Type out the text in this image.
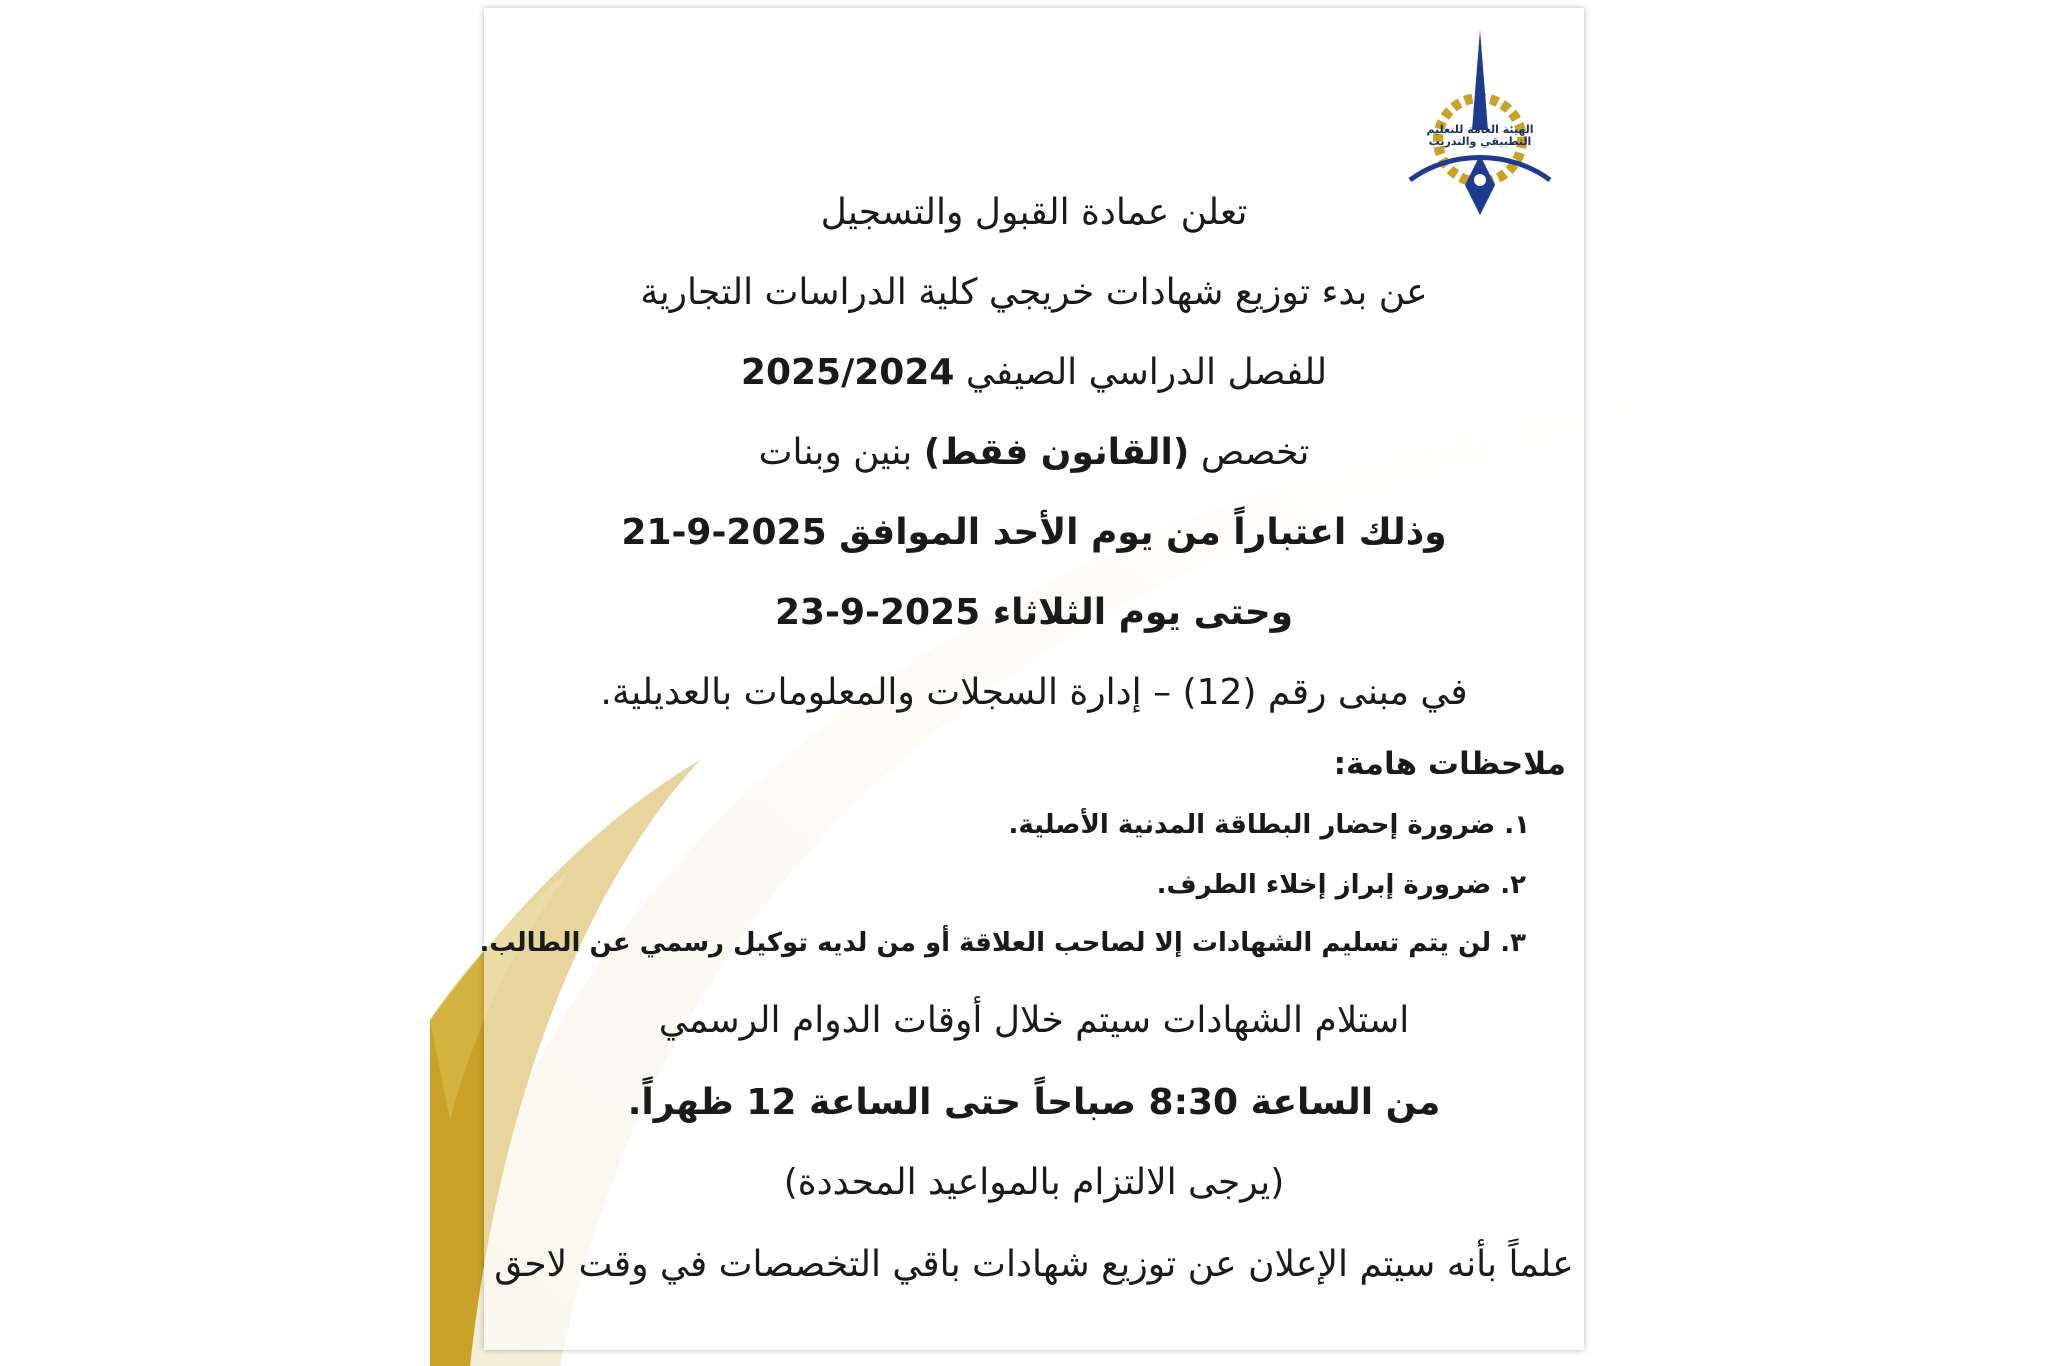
الهيئة العامة للتعليم التطبيقي والتدريب
تعلن عمادة القبول والتسجيل
عن بدء توزيع شهادات خريجي كلية الدراسات التجارية
للفصل الدراسي الصيفي 2025/2024
تخصص (القانون فقط) بنين وبنات
وذلك اعتباراً من يوم الأحد الموافق 21-9-2025
وحتى يوم الثلاثاء 23-9-2025
في مبنى رقم (12) – إدارة السجلات والمعلومات بالعديلية.
ملاحظات هامة:
١. ضرورة إحضار البطاقة المدنية الأصلية.
٢. ضرورة إبراز إخلاء الطرف.
٣. لن يتم تسليم الشهادات إلا لصاحب العلاقة أو من لديه توكيل رسمي عن الطالب.
استلام الشهادات سيتم خلال أوقات الدوام الرسمي
من الساعة 8:30 صباحاً حتى الساعة 12 ظهراً.
(يرجى الالتزام بالمواعيد المحددة)
علماً بأنه سيتم الإعلان عن توزيع شهادات باقي التخصصات في وقت لاحق
